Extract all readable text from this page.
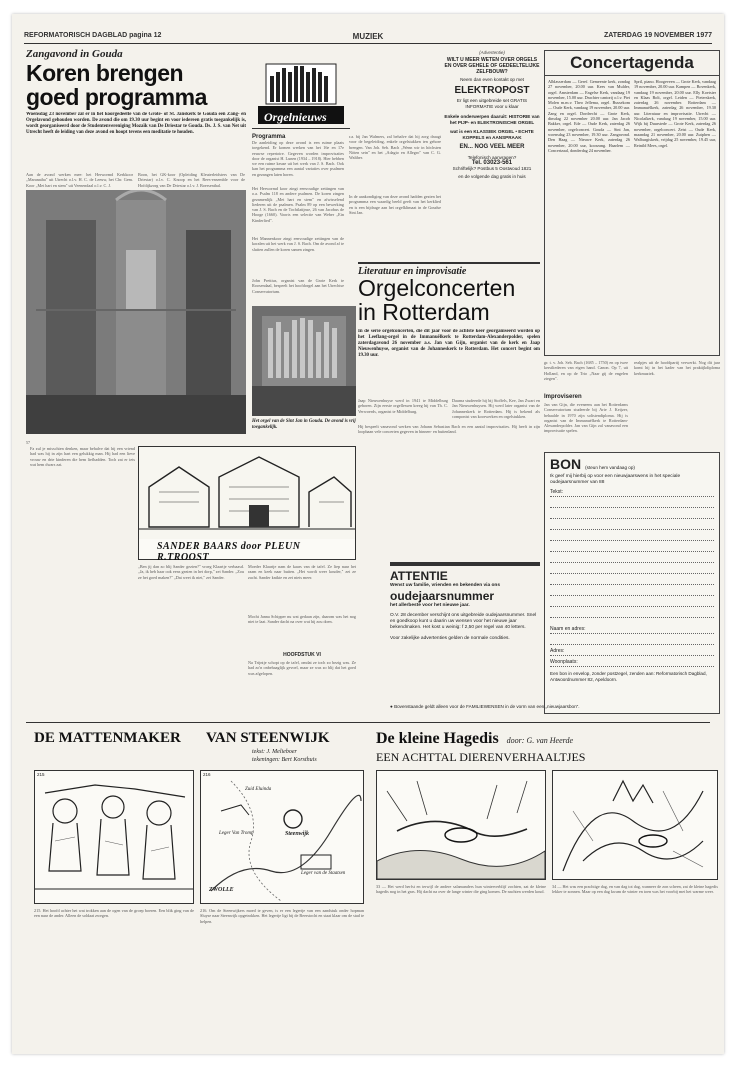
REFORMATORISCH DAGBLAD pagina 12	MUZIEK	ZATERDAG 19 NOVEMBER 1977
Zangavond in Gouda
Koren brengen
goed programma
Woensdag 23 november zal er in het koorgedeelte van de Grote- of St. Janskerk te Gouda een Zang- en Orgelavond gehouden worden. De avond die om 19.30 uur begint en voor iedereen gratis toegankelijk is, wordt georganiseerd door de Studentenvereniging Mozaïk van De Driestar te Gouda. Ds. J. S. van Net uit Utrecht heeft de leiding van deze avond en hoopt tevens een meditatie te houden.
Aan de avond werken mee: het Herwormd Kerkkoor „Maranatha" uit Utrecht o.l.v. H. C. de Leeuw, het Chr. Gem. Koor „Met hart en stem" uit Veenendaal o.l.v. C. J.
Boon, het GK-koor (Opleiding Kleuterleidsters van De Driestar) o.l.v. C. Knoop en het Rees-ensemble voor de Hofdijkzorg van De Driestar o.l.v. J. Boersenthal.
Orgelnieuws
Programma
De aanleiding op deze avond is een ruime plaats toegekend. Er komen werken van het 16e en 17e eeuwse repertoire. Gegeven worden improvisaties door de organist H. Lunen (1934 – 1918). Hier hebben we een ruime keuze uit het werk van J. S. Bach. Ook kan het programma een aantal variaties over psalmen en gezangen laten horen.
Het Herwormd koor zingt eenvoudige zettingen van o.a. Psalm 118 en andere psalmen. De koren zingen gezamenlijk „Met hart en stem" en afwisselend liederen uit de psalmen. Psalm 89 op een bewerking van J. S. Bach en de Tochtlatijnse, 26 van Jacobus de Hooge (1660). Voorts een selectie van Weber „Ein Kinderlied".
Het Mannenkoor zingt eenvoudige zettingen van de koralen uit het werk van J. S. Bach. Om de avond af te sluiten zullen de koren samen zingen.
John Prettius, organist van de Grote Kerk te Roosendaal, bespeelt het hoofdorgel aan het Utrechtse Conservatorium.
r.a. bij Jan Walmers, zal behalve dat hij zorg draagt voor de begeleiding, enkele orgelstukken ten gehore brengen. Van Joh. Seb. Bach „Wenn wir in höchsten Nöten sein" en het „Adagio en Allegro" van C. G. Walther.
In de aankondiging van deze avond hadden gezien het programma een waardig beeld geeft van het kerklied en is een bijdrage aan het orgelklimaat in de Goudse Sint Jan.
Het orgel van de Sint Jan in Gouda. De avond is vrij toegankelijk.
(Advertentie)
WILT U MEER WETEN OVER ORGELS EN OVER GEHELE OF GEDEELTELIJKE ZELFBOUW?
Neem dan even kontakt op met
ELEKTROPOST
Er ligt een uitgebreide set GRATIS INFORMATIE voor u klaar
Enkele onderwerpen daaruit: HISTORIE van het PIJP- en ELEKTRONISCHE ORGEL
wat is een KLASSIEK ORGEL • ECHTE KOPPELS en AANSPRAAK
EN... NOG VEEL MEER
Telefonisch aanvragen?
Tel. 03023-561
Schriftelijk? Postbus 5 Oostwoud 1821
en de volgende dag gratis in huis
Concertagenda
Alblasserdam — Geref. Gemeente kerk, zondag 27 november, 20.00 uur. Kees van Mulder, orgel. Amsterdam — Engelse Kerk, vandaag 19 november, 15.00 uur. Drachter cantorij o.l.v. Piet Molen m.m.v. Theo Jellema, orgel. Bussekom — Oude Kerk, vandaag 19 november, 20.00 uur. Zang en orgel. Dordrecht — Grote Kerk, dinsdag 22 november 20.00 uur. Jan Jacob Bakker, orgel. Ede — Oude Kerk, zaterdag 26 november, orgelconcert. Gouda — Sint Jan, woensdag 23 november, 19.30 uur. Zangavond. Den Haag — Nieuwe Kerk, zaterdag 26 november, 20.00 uur, koorzang. Haarlem — Concertzaal, donderdag 24 november.
Spril, piano. Hoogeveen — Grote Kerk, vandaag 19 november, 20.00 uur. Kampen — Bovenkerk, vandaag 19 november, 20.00 uur. Elly Koetsier en Klaas Bolt, orgel. Leiden — Pieterskerk, zaterdag 26 november. Rotterdam — Immanuëlkerk, zaterdag 26 november, 19.30 uur. Literatuur en improvisatie. Utrecht — Nicolaïkerk, vandaag 19 november, 15.00 uur. Wijk bij Duurstede — Grote Kerk, zaterdag 26 november, orgelconcert. Zeist — Oude Kerk, maandag 21 november, 20.00 uur. Zutphen — Walburgiskerk, vrijdag 25 november, 19.45 uur, Reinild Mees, orgel.
Literatuur en improvisatie
Orgelconcerten
in Rotterdam
In de serie orgelconcerten, die dit jaar voor de achtste keer georganiseerd worden op het Leeflang-orgel in de Immanuëlkerk te Rotterdam-Alexanderpolder, spelen zaterdagavond 26 november a.s. Jan van Gijn, organist van de kerk en Jaap Nieuwenhuyse, organist van de Johanneskerk te Rotterdam. Het concert begint om 19.30 uur.
Jaap Nieuwenhuyse werd in 1941 te Middelburg geboren. Zijn eerste orgellessen kreeg hij van Th. C. Verwoerds, organist te Middelburg.
Daarna studeerde hij bij Stoffels, Kee, Jan Zwart en Jan Nieuwenhuysen. Hij werd later organist van de Johanneskerk te Rotterdam. Hij is bekend als componist van koorwerken en orgelstukken.
gr. t. v. Joh. Seb. Bach (1685 – 1750) en op twee kerstliederen van eigen hand. Canon. Op 7, uit Holland, en op de Trio „Naar gij de engelen ziegen".
Improviseren
Jan van Gijn, die eveneens aan het Rotterdams Conservatorium studeerde bij Arie J. Keijzer, behaalde in 1970 zijn solistendiploma. Hij is organist van de Immanuëlkerk te Rotterdam-Alexanderpolder. Jan van Gijn zal vanavond een improvisatie spelen.
realpjes uit de hoofdpartij verwerkt. Nog dit jaar komt hij in het kader van het praktijkdiploma kerkmuziek.
57
Fa zul je misschien denken, maar behalve dat hij een vriend had was hij in zijn hart een gelukkig man. Hij had een lieve vrouw en drie kinderen die hem liefhadden. Toch zat er iets wat hem dwars zat.
SANDER BAARS door PLEUN R.TROOST
„Ben jij dan zo blij Sander gezien?" vroeg Klaartje verbaasd. „Ja, ik heb haar ook eens gezien in het dorp," zei Sander. „Zou ze het goed maken?" „Dat weet ik niet," zei Sander.
Moeder Klaartje nam de kaars van de tafel. Ze liep naar het raam en keek naar buiten. „Het wordt weer kouder," zei ze zacht. Sander knikte en zei niets meer.
Mocht Janna Schipper nu wat gedaan zijn, daarom was het nog niet te laat. Sander dacht na over wat hij zou doen.
HOOFDSTUK VI
Na Trijntje schopt op de tafel, omdat ze toch zo bezig was. Ze had zo'n onbehaaglijk gevoel, maar ze was zo blij dat het goed was afgelopen.
Hij bespeelt vanavond werken van Johann Sebastian Bach en een aantal improvisaties. Hij heeft in zijn loopbaan vele concerten gegeven in binnen- en buitenland.
BON (steun hem vandaag op)
Ik geef mij hierbij op voor een nieuwjaarswens in het speciale oudejaarsnummer van 88
Tekst:
Naam en adres:
Adres:
Woonplaats:
Een bon in envelop, zonder postzegel, zenden aan: Reformatorisch Dagblad, Antwoordnummer 82, Apeldoorn.
ATTENTIE
Wenst uw familie, vrienden en bekenden via ons
oudejaarsnummer
het allerbeste voor het nieuwe jaar.
O.V. 28 december verschijnt ons uitgebreide oudejaarsnummer. Snel en goedkoop kunt u daarin uw wensen voor het nieuwe jaar bekendmaken. Het kost u weinig: f 2,50 per regel van 40 letters.
Voor zakelijke advertenties gelden de normale condities.
● Bovenstaande geldt alleen voor de FAMILIEWENSEN in de vorm van een „nieuwjaarsbon".
DE MATTENMAKER VAN STEENWIJK
tekst: J. Melieboer
tekeningen: Bert Korsthuis
215	216
Zuid Eluinda
Steenwijk
Leger Van Tromp
Leger van de Staatsen
ZWOLLE
215. Het hoofd achter het wat trokken aan de ogen van de groep boeren. Een blik ging van de een naar de ander. Alleen de soldaat zwegen.
216. Om de Steenwijkers moed te geven, is er een legertje van een zandstuk onder hopman Sluyse naar Steenwijk opgetrokken. Het legertje ligt bij de Beerstocht en staat klaar om de stad te helpen.
De kleine Hagedis door: G. van Heerde
EEN ACHTTAL DIERENVERHAALTJES
33 — Het werd herfst en terwijl de andere salamanders hun winterverblijf zochten, zat de kleine hagedis nog in het gras. Hij dacht na over de lange winter die ging komen. De nachten werden koud.
34 — Het was een prachtige dag, en van dag tot dag, wanneer de zon scheen, zat de kleine hagedis lekker te zonnen. Maar op een dag kwam de winter en toen was het voorbij met het warme weer.
